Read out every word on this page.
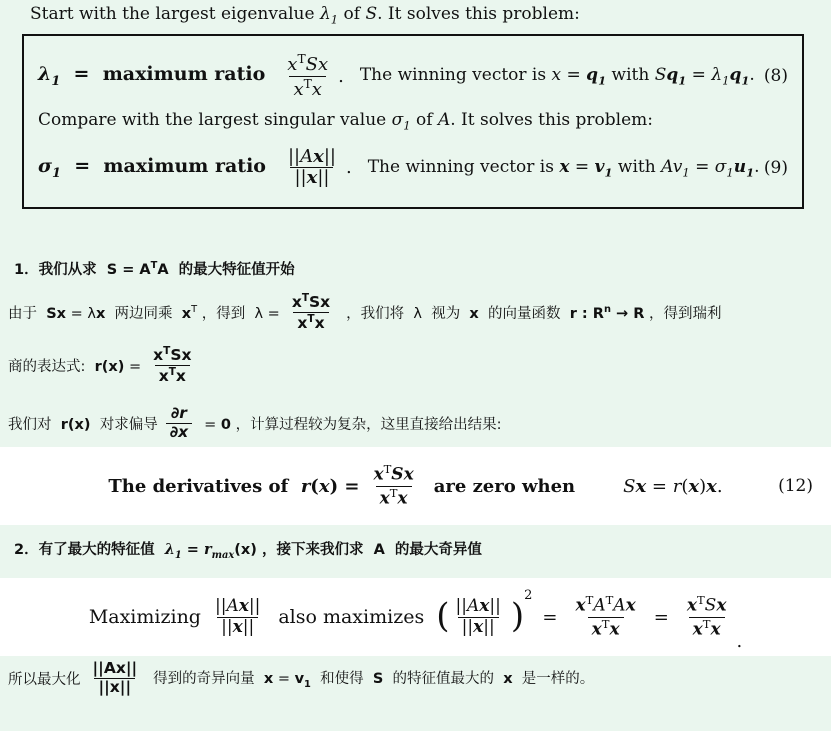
Start with the largest eigenvalue $\lambda_1$ of S. It solves this problem:
$\lambda_1$  =  maximum ratio $\frac{x^TSx}{x^Tx}$ . The winning vector is $x = q_1$ with $Sq_1 = \lambda_1q_1$. (8)
Compare with the largest singular value $\sigma_1$ of A. It solves this problem:
$\sigma_1$  =  maximum ratio $\frac{||Ax||}{||x||}$ . The winning vector is $x = v_1$ with $Av_1 = \sigma_1u_1$. (9)
1．我们从求  $S = A^TA$  的最大特征值开始
由于  Sx = λx  两边同乘  $x^T$ ，得到  $\lambda = \frac{x^TSx}{x^Tx}$ ，我们将  λ  视为  x  的向量函数  r : $R^n \to R$ ，得到瑞利
商的表达式:  $r(x) = \frac{x^TSx}{x^Tx}$
我们对  r(x)  对求偏导 $\frac{\partial r}{\partial x} = 0$ ，计算过程较为复杂，这里直接给出结果:
The derivatives of  $r(x) = \frac{x^TSx}{x^Tx}$ are zero when	Sx = r(x)x.	(12)
2．有了最大的特征值  $\lambda_1 = r_{max}(x)$ ，接下来我们求  A  的最大奇异值
Maximizing $\frac{||Ax||}{||x||}$ also maximizes ( $\frac{||Ax||}{||x||}$ )
2
= $\frac{x^TA^TAx}{x^Tx} = \frac{x^TSx}{x^Tx}$
.
所以最大化 $\frac{||Ax||}{||x||}$ 得到的奇异向量  $x = v_1$  和使得  S  的特征值最大的  x  是一样的。
